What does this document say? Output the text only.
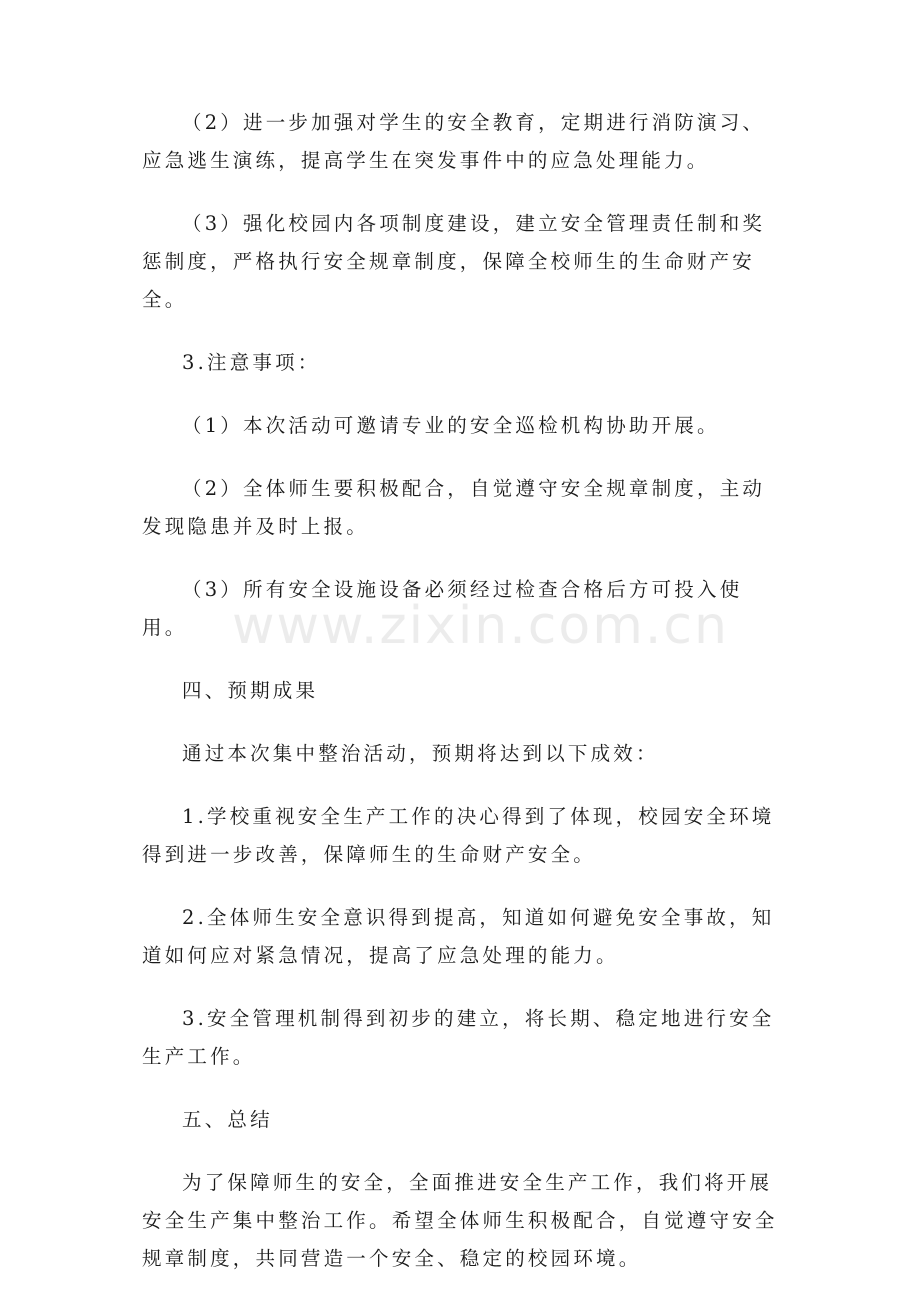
（2）进一步加强对学生的安全教育，定期进行消防演习、应急逃生演练，提高学生在突发事件中的应急处理能力。

（3）强化校园内各项制度建设，建立安全管理责任制和奖惩制度，严格执行安全规章制度，保障全校师生的生命财产安全。

3.注意事项：

（1）本次活动可邀请专业的安全巡检机构协助开展。

（2）全体师生要积极配合，自觉遵守安全规章制度，主动发现隐患并及时上报。

（3）所有安全设施设备必须经过检查合格后方可投入使用。

四、预期成果

通过本次集中整治活动，预期将达到以下成效：

1.学校重视安全生产工作的决心得到了体现，校园安全环境得到进一步改善，保障师生的生命财产安全。

2.全体师生安全意识得到提高，知道如何避免安全事故，知道如何应对紧急情况，提高了应急处理的能力。

3.安全管理机制得到初步的建立，将长期、稳定地进行安全生产工作。

五、总结

为了保障师生的安全，全面推进安全生产工作，我们将开展安全生产集中整治工作。希望全体师生积极配合，自觉遵守安全规章制度，共同营造一个安全、稳定的校园环境。

www.zixin.com.cn
